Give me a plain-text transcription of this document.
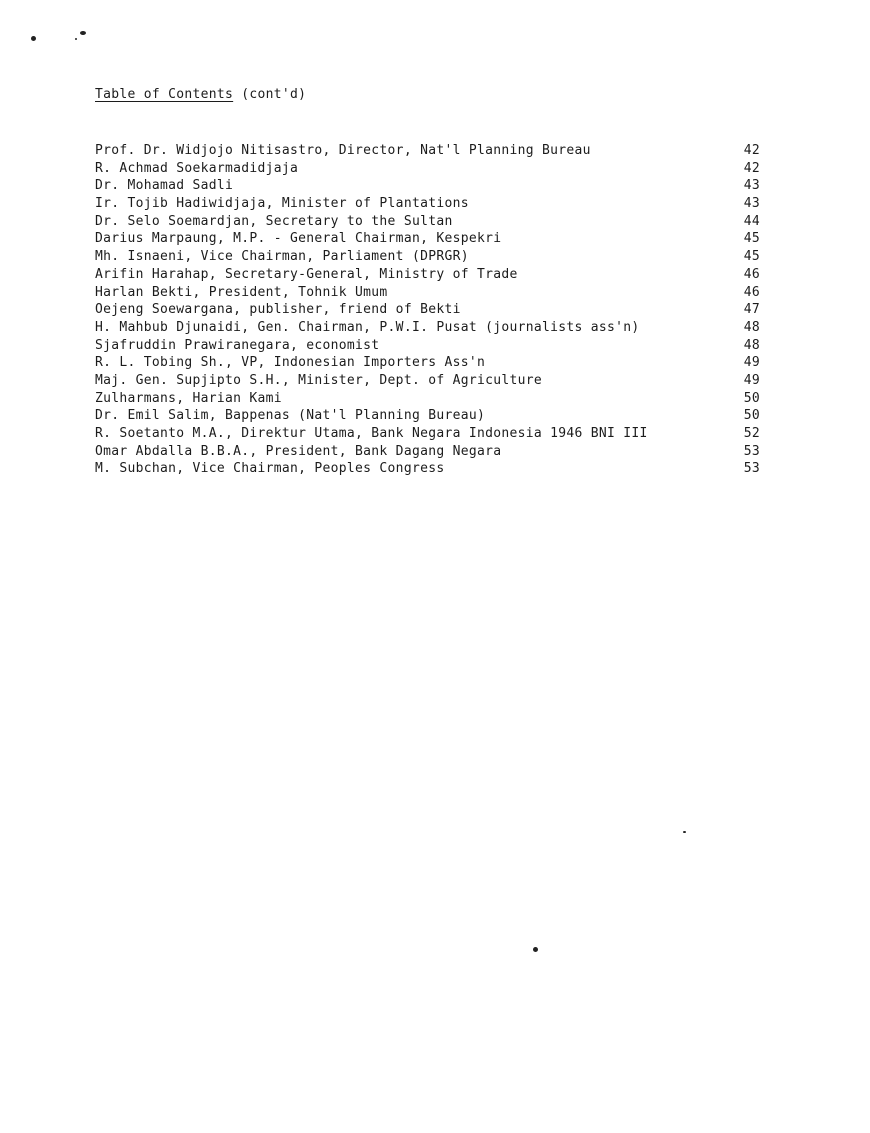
Table of Contents (cont'd)
Prof. Dr. Widjojo Nitisastro, Director, Nat'l Planning Bureau	42
R. Achmad Soekarmadidjaja	42
Dr. Mohamad Sadli	43
Ir. Tojib Hadiwidjaja, Minister of Plantations	43
Dr. Selo Soemardjan, Secretary to the Sultan	44
Darius Marpaung, M.P. - General Chairman, Kespekri	45
Mh. Isnaeni, Vice Chairman, Parliament (DPRGR)	45
Arifin Harahap, Secretary-General, Ministry of Trade	46
Harlan Bekti, President, Tohnik Umum	46
Oejeng Soewargana, publisher, friend of Bekti	47
H. Mahbub Djunaidi, Gen. Chairman, P.W.I. Pusat (journalists ass'n)	48
Sjafruddin Prawiranegara, economist	48
R. L. Tobing Sh., VP, Indonesian Importers Ass'n	49
Maj. Gen. Supjipto S.H., Minister, Dept. of Agriculture	49
Zulharmans, Harian Kami	50
Dr. Emil Salim, Bappenas (Nat'l Planning Bureau)	50
R. Soetanto M.A., Direktur Utama, Bank Negara Indonesia 1946 BNI III	52
Omar Abdalla B.B.A., President, Bank Dagang Negara	53
M. Subchan, Vice Chairman, Peoples Congress	53
